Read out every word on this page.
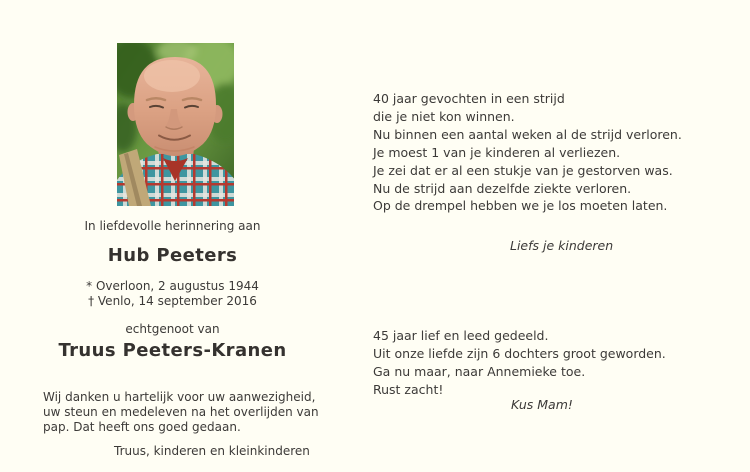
In liefdevolle herinnering aan
Hub Peeters
* Overloon, 2 augustus 1944
† Venlo, 14 september 2016
echtgenoot van
Truus Peeters-Kranen
Wij danken u hartelijk voor uw aanwezigheid,
uw steun en medeleven na het overlijden van
pap. Dat heeft ons goed gedaan.
Truus, kinderen en kleinkinderen
40 jaar gevochten in een strijd
die je niet kon winnen.
Nu binnen een aantal weken al de strijd verloren.
Je moest 1 van je kinderen al verliezen.
Je zei dat er al een stukje van je gestorven was.
Nu de strijd aan dezelfde ziekte verloren.
Op de drempel hebben we je los moeten laten.
Liefs je kinderen
45 jaar lief en leed gedeeld.
Uit onze liefde zijn 6 dochters groot geworden.
Ga nu maar, naar Annemieke toe.
Rust zacht!
Kus Mam!
